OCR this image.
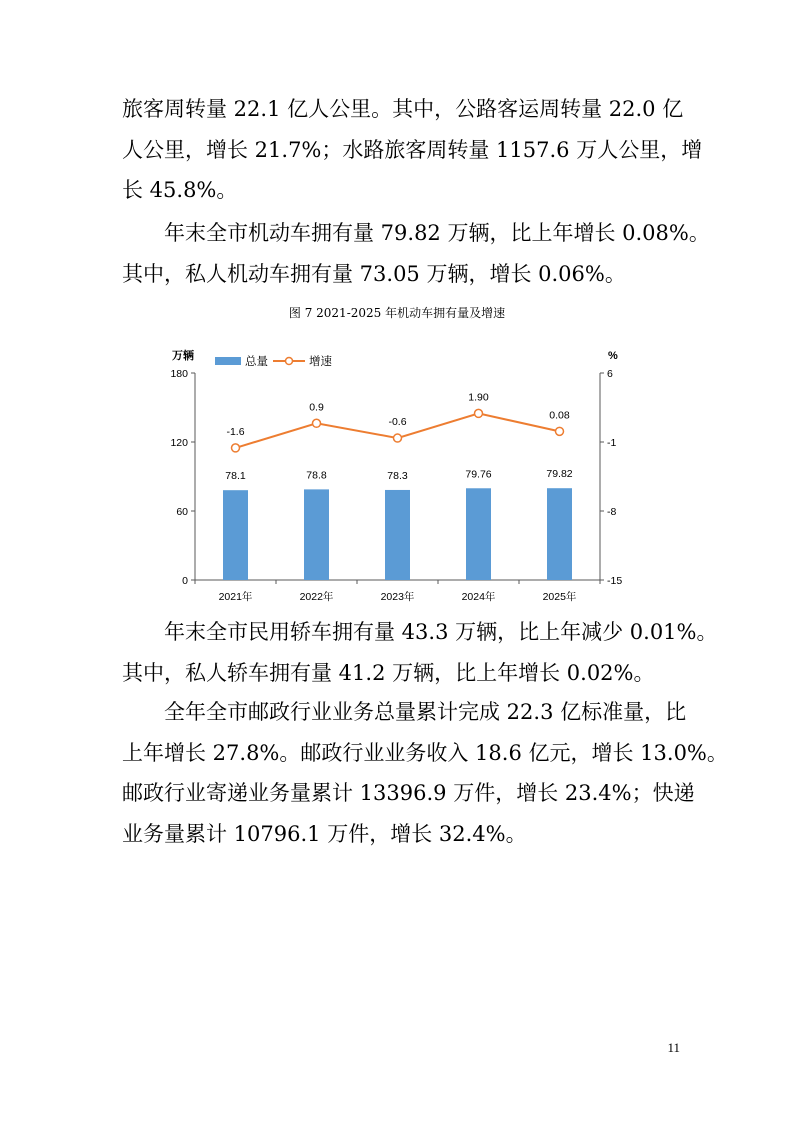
旅客周转量 22.1 亿人公里。其中，公路客运周转量 22.0 亿
人公里，增长 21.7%；水路旅客周转量 1157.6 万人公里，增
长 45.8%。
年末全市机动车拥有量 79.82 万辆，比上年增长 0.08%。
其中，私人机动车拥有量 73.05 万辆，增长 0.06%。
图 7 2021-2025 年机动车拥有量及增速
0
60
120
180
-15
-8
-1
6
万辆	%
总量	增速
78.1	78.8	78.3	79.76	79.82
2021年	2022年	2023年	2024年	2025年
-1.6
0.9
-0.6
1.90
0.08
年末全市民用轿车拥有量 43.3 万辆，比上年减少 0.01%。
其中，私人轿车拥有量 41.2 万辆，比上年增长 0.02%。
全年全市邮政行业业务总量累计完成 22.3 亿标准量，比
上年增长 27.8%。邮政行业业务收入 18.6 亿元，增长 13.0%。
邮政行业寄递业务量累计 13396.9 万件，增长 23.4%；快递
业务量累计 10796.1 万件，增长 32.4%。
11
